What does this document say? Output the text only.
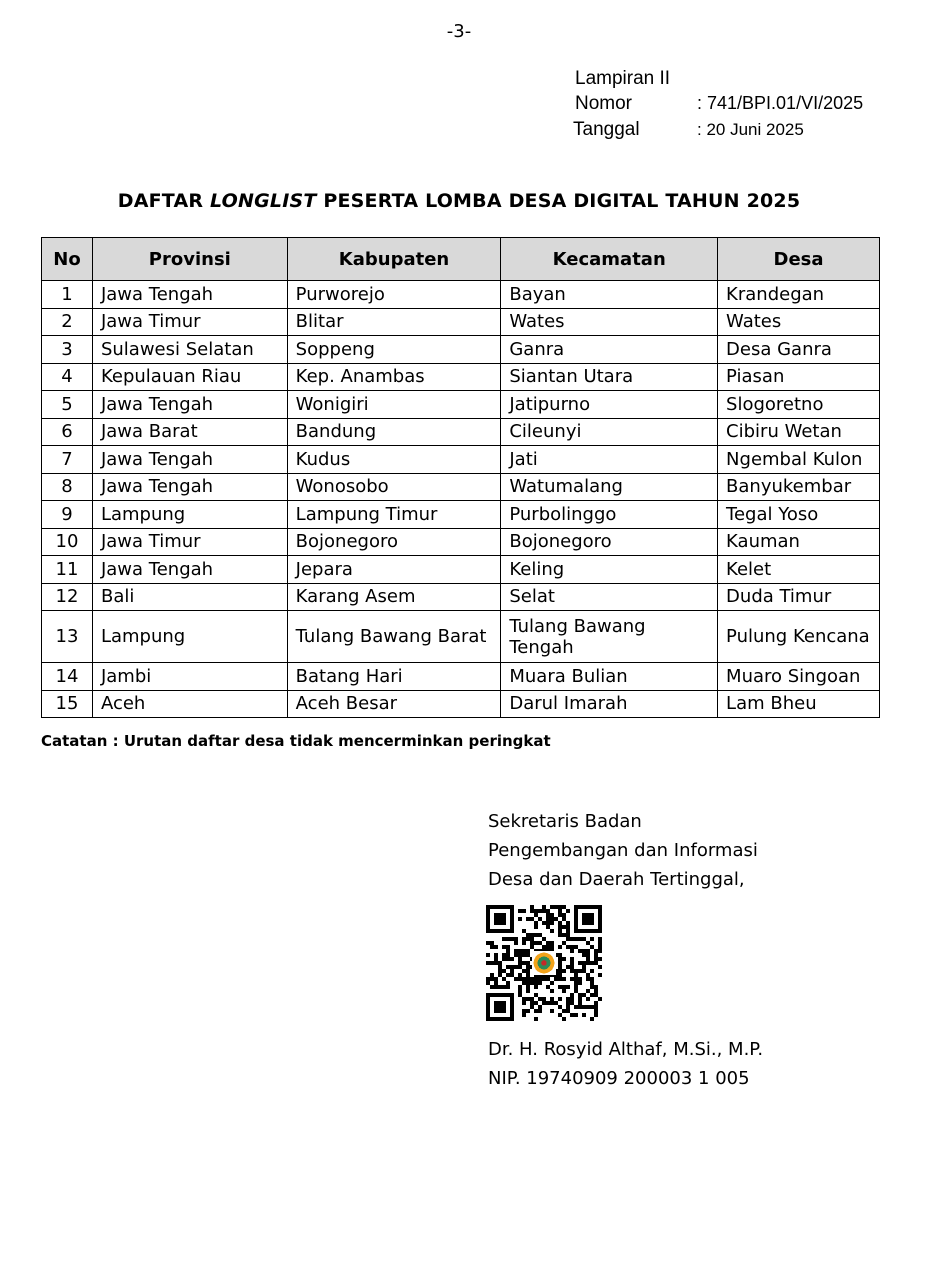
-3-
Lampiran II
Nomor	: 741/BPI.01/VI/2025
Tanggal	: 20 Juni 2025
DAFTAR LONGLIST PESERTA LOMBA DESA DIGITAL TAHUN 2025
No	Provinsi	Kabupaten	Kecamatan	Desa
1	Jawa Tengah	Purworejo	Bayan	Krandegan
2	Jawa Timur	Blitar	Wates	Wates
3	Sulawesi Selatan	Soppeng	Ganra	Desa Ganra
4	Kepulauan Riau	Kep. Anambas	Siantan Utara	Piasan
5	Jawa Tengah	Wonigiri	Jatipurno	Slogoretno
6	Jawa Barat	Bandung	Cileunyi	Cibiru Wetan
7	Jawa Tengah	Kudus	Jati	Ngembal Kulon
8	Jawa Tengah	Wonosobo	Watumalang	Banyukembar
9	Lampung	Lampung Timur	Purbolinggo	Tegal Yoso
10	Jawa Timur	Bojonegoro	Bojonegoro	Kauman
11	Jawa Tengah	Jepara	Keling	Kelet
12	Bali	Karang Asem	Selat	Duda Timur
13	Lampung	Tulang Bawang Barat	Tulang Bawang Tengah	Pulung Kencana
14	Jambi	Batang Hari	Muara Bulian	Muaro Singoan
15	Aceh	Aceh Besar	Darul Imarah	Lam Bheu
Catatan : Urutan daftar desa tidak mencerminkan peringkat
Sekretaris Badan
Pengembangan dan Informasi
Desa dan Daerah Tertinggal,
Dr. H. Rosyid Althaf, M.Si., M.P.
NIP. 19740909 200003 1 005
